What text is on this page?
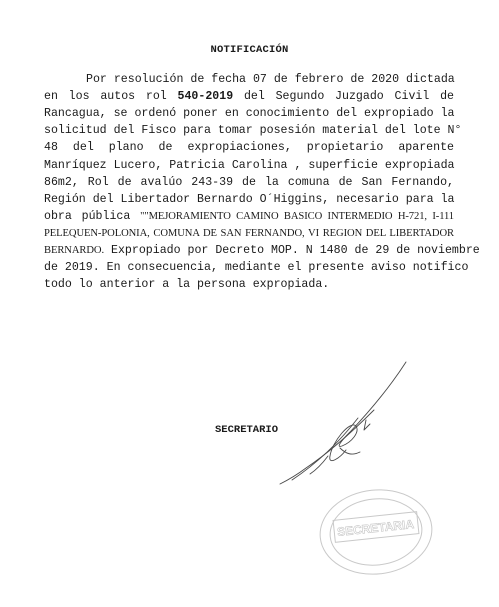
NOTIFICACIÓN
Por resolución de fecha 07 de febrero de 2020 dictada
en los autos rol 540-2019 del Segundo Juzgado Civil de
Rancagua, se ordenó poner en conocimiento del expropiado la
solicitud del Fisco para tomar posesión material del lote N°
48 del plano de expropiaciones, propietario aparente
Manríquez Lucero, Patricia Carolina , superficie expropiada
86m2, Rol de avalúo 243-39 de la comuna de San Fernando,
Región del Libertador Bernardo O´Higgins, necesario para la
obra pública ""MEJORAMIENTO CAMINO BASICO INTERMEDIO H-721, I-111
PELEQUEN-POLONIA, COMUNA DE SAN FERNANDO, VI REGION DEL LIBERTADOR
BERNARDO. Expropiado por Decreto MOP. N 1480 de 29 de noviembre
de 2019. En consecuencia, mediante el presente aviso notifico
todo lo anterior a la persona expropiada.
SECRETARIO
SECRETARIA
